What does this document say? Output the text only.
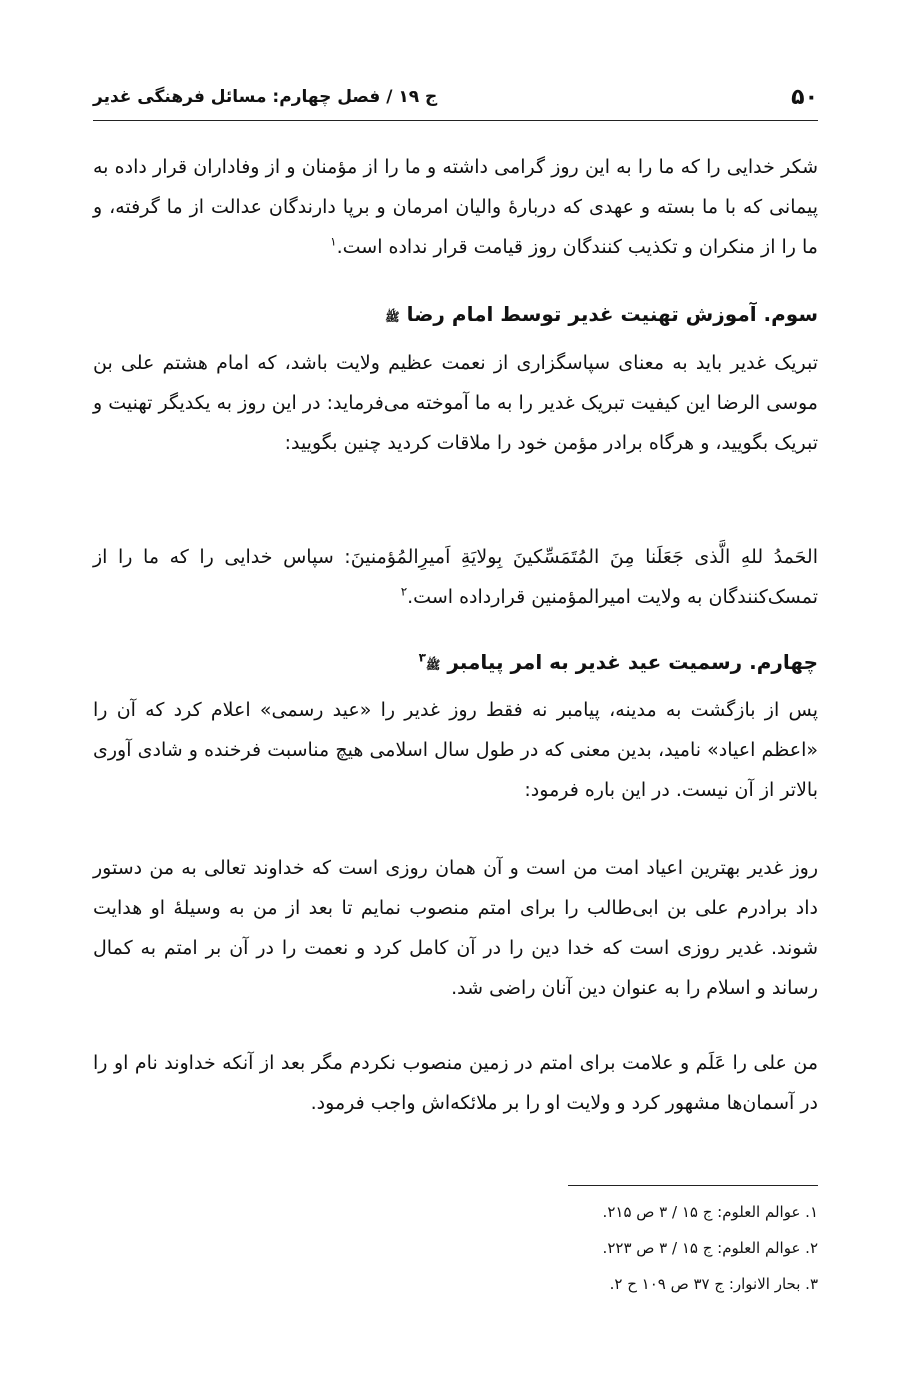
۵۰
ج ۱۹ / فصل چهارم: مسائل فرهنگی غدیر
شکر خدایی را که ما را به این روز گرامی داشته و ما را از مؤمنان و از وفاداران قرار داده به پیمانی که با ما بسته و عهدی که دربارهٔ والیان امرمان و برپا دارندگان عدالت از ما گرفته، و ما را از منکران و تکذیب کنندگان روز قیامت قرار نداده است.$^۱$
سوم. آموزش تهنیت غدیر توسط امام رضا ﷺ
تبریک غدیر باید به معنای سپاسگزاری از نعمت عظیم ولایت باشد، که امام هشتم علی بن موسی الرضا این کیفیت تبریک غدیر را به ما آموخته می‌فرماید: در این روز به یکدیگر تهنیت و تبریک بگویید، و هرگاه برادر مؤمن خود را ملاقات کردید چنین بگویید:
الحَمدُ للهِ الَّذی جَعَلَنا مِنَ المُتَمَسِّکینَ بِولایَةِ اَمیرِالمُؤمنینَ: سپاس خدایی را که ما را از تمسک‌کنندگان به ولایت امیرالمؤمنین قرارداده است.$^۲$
چهارم. رسمیت عید غدیر به امر پیامبر ﷺ$^۳$
پس از بازگشت به مدینه، پیامبر نه فقط روز غدیر را «عید رسمی» اعلام کرد که آن را «اعظم اعیاد» نامید، بدین معنی که در طول سال اسلامی هیچ مناسبت فرخنده و شادی آوری بالاتر از آن نیست. در این باره فرمود:
روز غدیر بهترین اعیاد امت من است و آن همان روزی است که خداوند تعالی به من دستور داد برادرم علی بن ابی‌طالب را برای امتم منصوب نمایم تا بعد از من به وسیلهٔ او هدایت شوند. غدیر روزی است که خدا دین را در آن کامل کرد و نعمت را در آن بر امتم به کمال رساند و اسلام را به عنوان دین آنان راضی شد.
من علی را عَلَم و علامت برای امتم در زمین منصوب نکردم مگر بعد از آنکه خداوند نام او را در آسمان‌ها مشهور کرد و ولایت او را بر ملائکه‌اش واجب فرمود.
۱. عوالم العلوم: ج ۱۵ / ۳ ص ۲۱۵.
۲. عوالم العلوم: ج ۱۵ / ۳ ص ۲۲۳.
۳. بحار الانوار: ج ۳۷ ص ۱۰۹ ح ۲.
